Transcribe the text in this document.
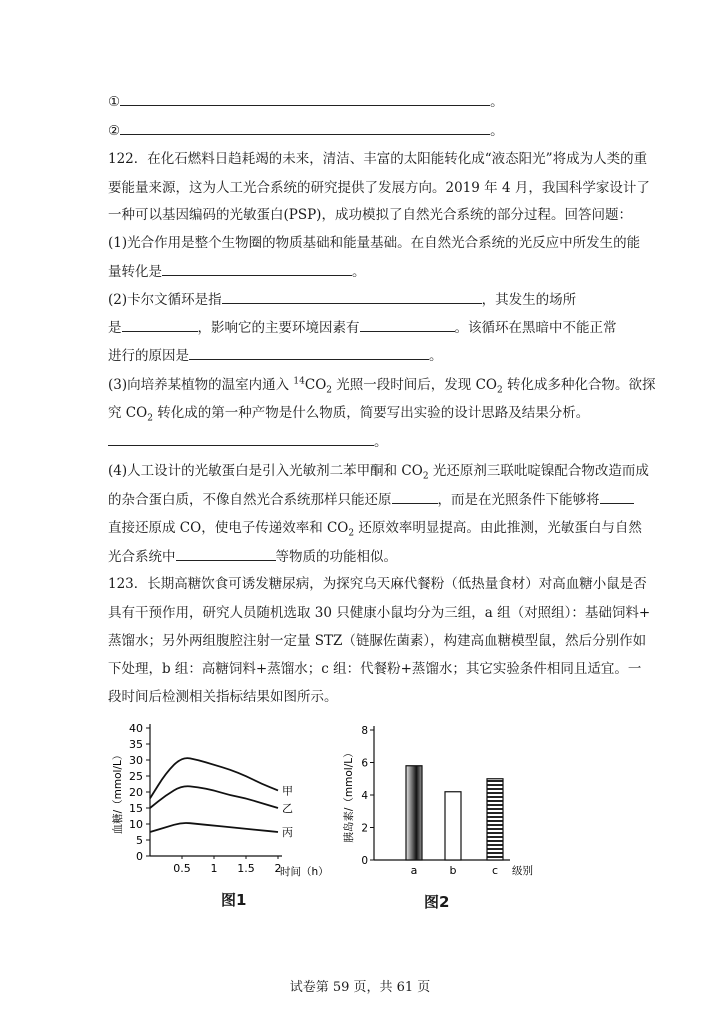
①	。
②	。
122．在化石燃料日趋耗竭的未来，清洁、丰富的太阳能转化成“液态阳光”将成为人类的重
要能量来源，这为人工光合系统的研究提供了发展方向。2019 年 4 月，我国科学家设计了
一种可以基因编码的光敏蛋白(PSP)，成功模拟了自然光合系统的部分过程。回答问题：
(1)光合作用是整个生物圈的物质基础和能量基础。在自然光合系统的光反应中所发生的能
量转化是	。
(2)卡尔文循环是指	，其发生的场所
是	，影响它的主要环境因素有	。该循环在黑暗中不能正常
进行的原因是	。
(3)向培养某植物的温室内通入 $^{14}CO_2$ 光照一段时间后，发现 $CO_2$ 转化成多种化合物。欲探
究 $CO_2$ 转化成的第一种产物是什么物质，简要写出实验的设计思路及结果分析。
。
(4)人工设计的光敏蛋白是引入光敏剂二苯甲酮和 $CO_2$ 光还原剂三联吡啶镍配合物改造而成
的杂合蛋白质，不像自然光合系统那样只能还原	，而是在光照条件下能够将
直接还原成 CO，使电子传递效率和 $CO_2$ 还原效率明显提高。由此推测，光敏蛋白与自然
光合系统中	等物质的功能相似。
123．长期高糖饮食可诱发糖尿病，为探究乌天麻代餐粉（低热量食材）对高血糖小鼠是否
具有干预作用，研究人员随机选取 30 只健康小鼠均分为三组，a 组（对照组）：基础饲料+
蒸馏水；另外两组腹腔注射一定量 STZ（链脲佐菌素），构建高血糖模型鼠，然后分别作如
下处理，b 组：高糖饲料+蒸馏水；c 组：代餐粉+蒸馏水；其它实验条件相同且适宜。一
段时间后检测相关指标结果如图所示。
0
5
10
15
20
25
30
35
40
0.5 1 1.5 2
时间（h）
血糖/（mmol/L）	甲
乙
丙
图1
0
2
4
6
8
胰岛素/（mmol/L）
a	b	c 级别
图2
试卷第 59 页，共 61 页
